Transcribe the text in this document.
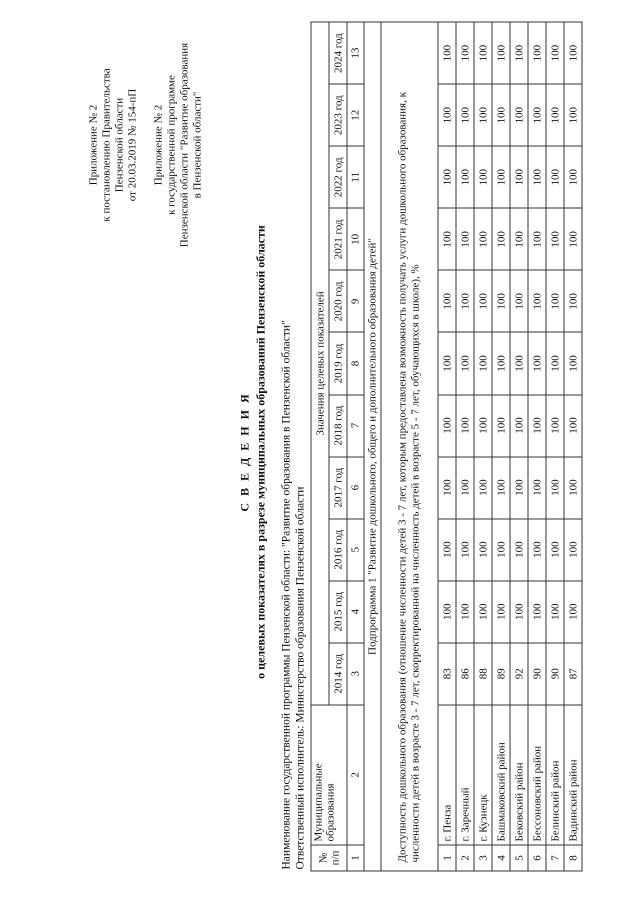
Приложение № 2 к постановлению Правительства Пензенской области от 20.03.2019 № 154-пП Приложение № 2 к государственной программе Пензенской области "Развитие образования в Пензенской области"
С В Е Д Е Н И Я о целевых показателях в разрезе муниципальных образований Пензенской области Наименование государственной программы Пензенской области: "Развитие образования в Пензенской области" Ответственный исполнитель: Министерство образования Пензенской области № п/п	Муниципальные образования	Значения целевых показателей										
		2014 год	2015 год	2016 год	2017 год	2018 год	2019 год	2020 год	2021 год	2022 год	2023 год	2024 год
1	2	3	4	5	6	7	8	9	10	11	12	13
Подпрограмма 1 "Развитие дошкольного, общего и дополнительного образования детей"												
Доступность дошкольного образования (отношение численности детей 3 - 7 лет, которым предоставлена возможность получать услуги дошкольного образования, к численности детей в возрасте 3 - 7 лет, скорректированной на численность детей в возрасте 5 - 7 лет, обучающихся в школе), %												
1	г. Пенза	83	100	100	100	100	100	100	100	100	100	100
2	г. Заречный	86	100	100	100	100	100	100	100	100	100	100
3	г. Кузнецк	88	100	100	100	100	100	100	100	100	100	100
4	Башмаковский район	89	100	100	100	100	100	100	100	100	100	100
5	Бековский район	92	100	100	100	100	100	100	100	100	100	100
6	Бессоновский район	90	100	100	100	100	100	100	100	100	100	100
7	Белинский район	90	100	100	100	100	100	100	100	100	100	100
8	Вадинский район	87	100	100	100	100	100	100	100	100	100	100
